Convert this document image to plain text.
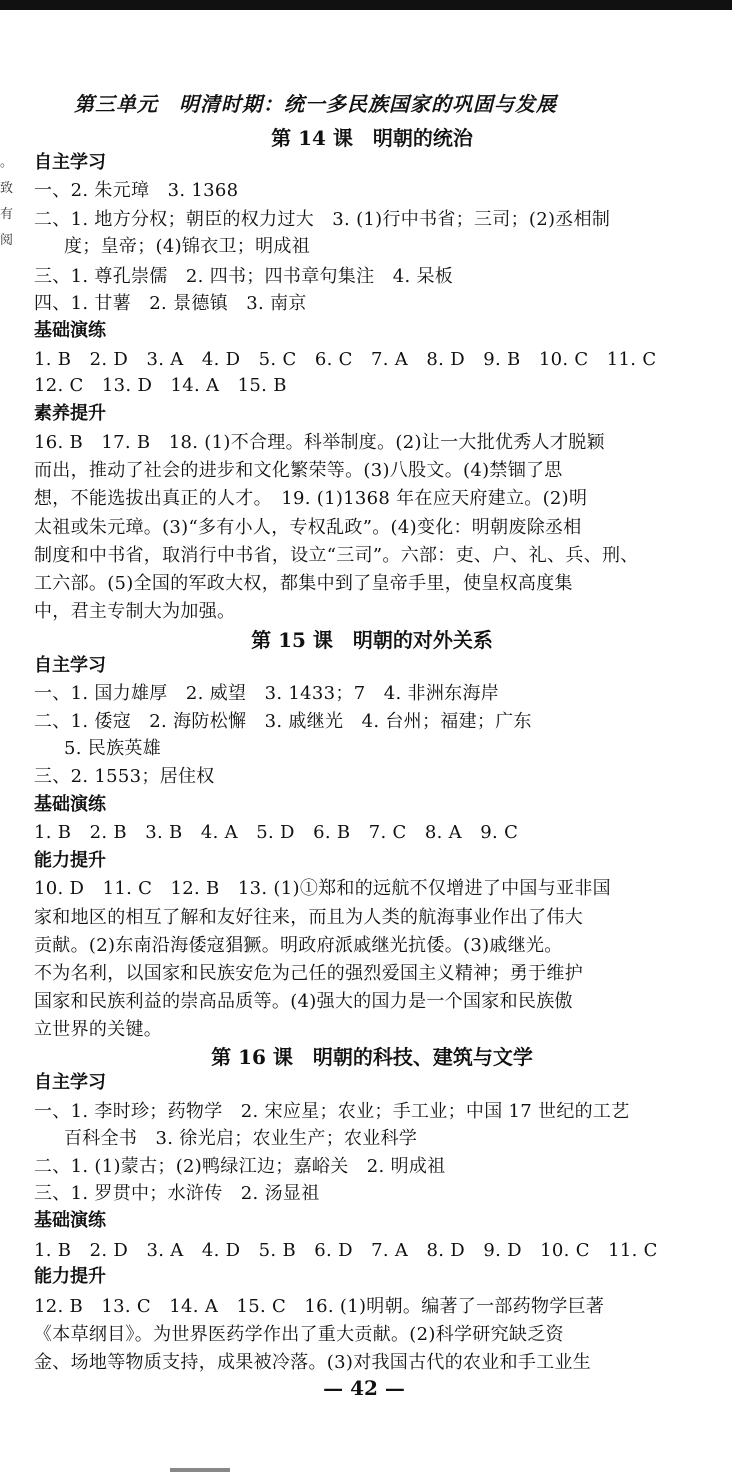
。
致
有
阅
第三单元　明清时期：统一多民族国家的巩固与发展
第 14 课　明朝的统治
自主学习
一、2. 朱元璋　3. 1368
二、1. 地方分权；朝臣的权力过大　3. (1)行中书省；三司；(2)丞相制
度；皇帝；(4)锦衣卫；明成祖
三、1. 尊孔崇儒　2. 四书；四书章句集注　4. 呆板
四、1. 甘薯　2. 景德镇　3. 南京
基础演练
1. B　2. D　3. A　4. D　5. C　6. C　7. A　8. D　9. B　10. C　11. C
12. C　13. D　14. A　15. B
素养提升
16. B　17. B　18. (1)不合理。科举制度。(2)让一大批优秀人才脱颖
而出，推动了社会的进步和文化繁荣等。(3)八股文。(4)禁锢了思
想，不能选拔出真正的人才。　19. (1)1368 年在应天府建立。(2)明
太祖或朱元璋。(3)“多有小人，专权乱政”。(4)变化：明朝废除丞相
制度和中书省，取消行中书省，设立“三司”。六部：吏、户、礼、兵、刑、
工六部。(5)全国的军政大权，都集中到了皇帝手里，使皇权高度集
中，君主专制大为加强。
第 15 课　明朝的对外关系
自主学习
一、1. 国力雄厚　2. 威望　3. 1433；7　4. 非洲东海岸
二、1. 倭寇　2. 海防松懈　3. 戚继光　4. 台州；福建；广东
5. 民族英雄
三、2. 1553；居住权
基础演练
1. B　2. B　3. B　4. A　5. D　6. B　7. C　8. A　9. C
能力提升
10. D　11. C　12. B　13. (1)①郑和的远航不仅增进了中国与亚非国
家和地区的相互了解和友好往来，而且为人类的航海事业作出了伟大
贡献。(2)东南沿海倭寇猖獗。明政府派戚继光抗倭。(3)戚继光。
不为名利，以国家和民族安危为己任的强烈爱国主义精神；勇于维护
国家和民族利益的崇高品质等。(4)强大的国力是一个国家和民族傲
立世界的关键。
第 16 课　明朝的科技、建筑与文学
自主学习
一、1. 李时珍；药物学　2. 宋应星；农业；手工业；中国 17 世纪的工艺
百科全书　3. 徐光启；农业生产；农业科学
二、1. (1)蒙古；(2)鸭绿江边；嘉峪关　2. 明成祖
三、1. 罗贯中；水浒传　2. 汤显祖
基础演练
1. B　2. D　3. A　4. D　5. B　6. D　7. A　8. D　9. D　10. C　11. C
能力提升
12. B　13. C　14. A　15. C　16. (1)明朝。编著了一部药物学巨著
《本草纲目》。为世界医药学作出了重大贡献。(2)科学研究缺乏资
金、场地等物质支持，成果被冷落。(3)对我国古代的农业和手工业生
— 42 —
